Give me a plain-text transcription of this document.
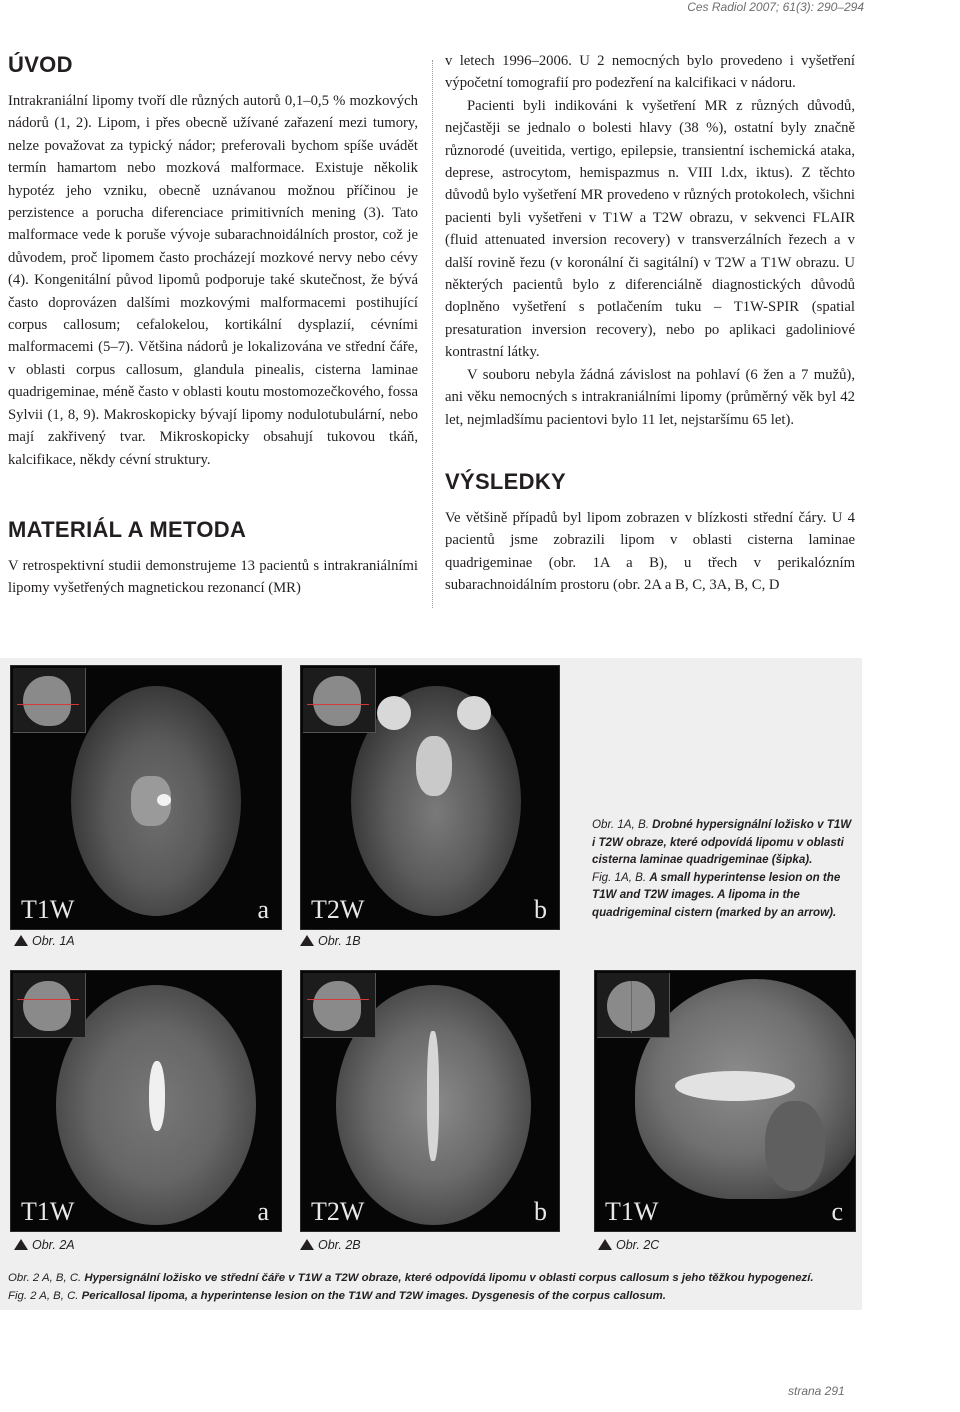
Ces Radiol 2007; 61(3): 290–294
ÚVOD

Intrakraniální lipomy tvoří dle různých autorů 0,1–0,5 % mozkových nádorů (1, 2). Lipom, i přes obecně užívané zařazení mezi tumory, nelze považovat za typický nádor; preferovali bychom spíše uvádět termín hamartom nebo mozková malformace. Existuje několik hypotéz jeho vzniku, obecně uznávanou možnou příčinou je perzistence a porucha diferenciace primitivních mening (3). Tato malformace vede k poruše vývoje subarachnoidálních prostor, což je důvodem, proč lipomem často procházejí mozkové nervy nebo cévy (4). Kongenitální původ lipomů podporuje také skutečnost, že bývá často doprovázen dalšími mozkovými malformacemi postihující corpus callosum; cefalokelou, kortikální dysplazií, cévními malformacemi (5–7). Většina nádorů je lokalizována ve střední čáře, v oblasti corpus callosum, glandula pinealis, cisterna laminae quadrigeminae, méně často v oblasti koutu mostomozečkového, fossa Sylvii (1, 8, 9). Makroskopicky bývají lipomy nodulotubulární, nebo mají zakřivený tvar. Mikroskopicky obsahují tukovou tkáň, kalcifikace, někdy cévní struktury.

MATERIÁL A METODA

V retrospektivní studii demonstrujeme 13 pacientů s intrakraniálními lipomy vyšetřených magnetickou rezonancí (MR)

v letech 1996–2006. U 2 nemocných bylo provedeno i vyšetření výpočetní tomografií pro podezření na kalcifikaci v nádoru.

Pacienti byli indikováni k vyšetření MR z různých důvodů, nejčastěji se jednalo o bolesti hlavy (38 %), ostatní byly značně různorodé (uveitida, vertigo, epilepsie, transientní ischemická ataka, deprese, astrocytom, hemispazmus n. VIII l.dx, iktus). Z těchto důvodů bylo vyšetření MR provedeno v různých protokolech, všichni pacienti byli vyšetřeni v T1W a T2W obrazu, v sekvenci FLAIR (fluid attenuated inversion recovery) v transverzálních řezech a v další rovině řezu (v koronální či sagitální) v T2W a T1W obrazu. U některých pacientů bylo z diferenciálně diagnostických důvodů doplněno vyšetření s potlačením tuku – T1W-SPIR (spatial presaturation inversion recovery), nebo po aplikaci gadoliniové kontrastní látky.

V souboru nebyla žádná závislost na pohlaví (6 žen a 7 mužů), ani věku nemocných s intrakraniálními lipomy (průměrný věk byl 42 let, nejmladšímu pacientovi bylo 11 let, nejstaršímu 65 let).

VÝSLEDKY

Ve většině případů byl lipom zobrazen v blízkosti střední čáry. U 4 pacientů jsme zobrazili lipom v oblasti cisterna laminae quadrigeminae (obr. 1A a B), u třech v perikalózním subarachnoidálním prostoru (obr. 2A a B, C, 3A, B, C, D

T1W	a
Obr. 1A
T2W	b
Obr. 1B
Obr. 1A, B. Drobné hypersignální ložisko v T1W i T2W obraze, které odpovídá lipomu v oblasti cisterna laminae quadrigeminae (šipka).
Fig. 1A, B. A small hyperintense lesion on the T1W and T2W images. A lipoma in the quadrigeminal cistern (marked by an arrow).
T1W	a
Obr. 2A
T2W	b
Obr. 2B
T1W	c
Obr. 2C
Obr. 2 A, B, C. Hypersignální ložisko ve střední čáře v T1W a T2W obraze, které odpovídá lipomu v oblasti corpus callosum s jeho těžkou hypogenezí.
Fig. 2 A, B, C. Pericallosal lipoma, a hyperintense lesion on the T1W and T2W images. Dysgenesis of the corpus callosum.
strana 291
